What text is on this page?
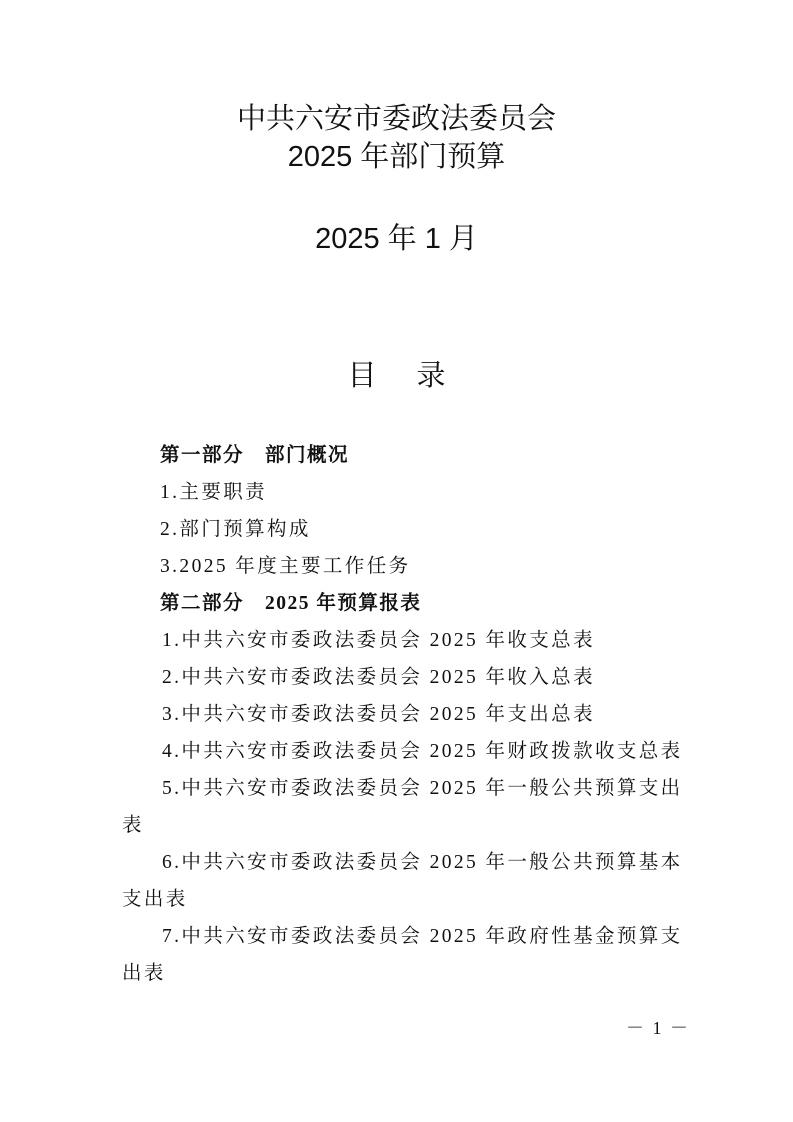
中共六安市委政法委员会
2025 年部门预算
2025 年 1 月
目录
第一部分　部门概况
1.主要职责
2.部门预算构成
3.2025 年度主要工作任务
第二部分　2025 年预算报表
1.中共六安市委政法委员会 2025 年收支总表
2.中共六安市委政法委员会 2025 年收入总表
3.中共六安市委政法委员会 2025 年支出总表
4.中共六安市委政法委员会 2025 年财政拨款收支总表
5.中共六安市委政法委员会 2025 年一般公共预算支出
表
6.中共六安市委政法委员会 2025 年一般公共预算基本
支出表
7.中共六安市委政法委员会 2025 年政府性基金预算支
出表
－ 1 －
